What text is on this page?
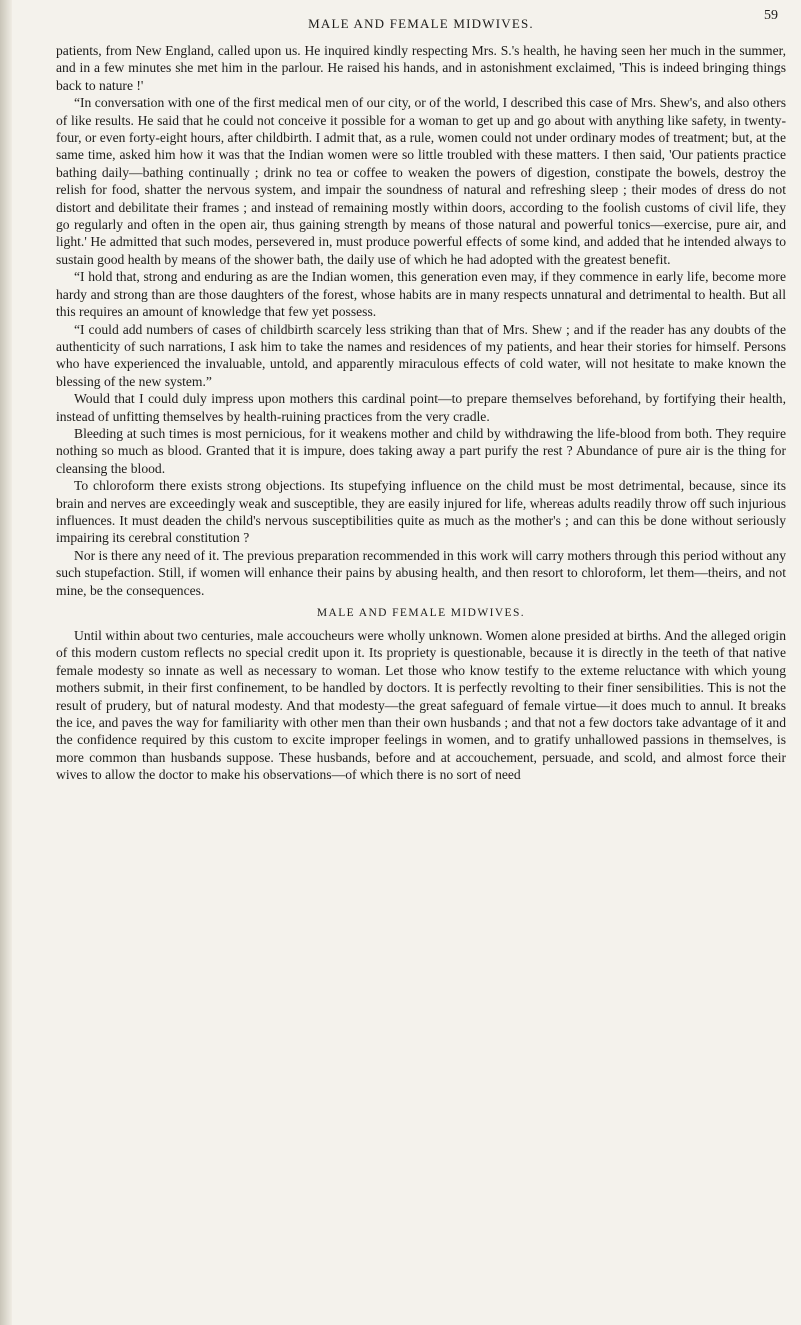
MALE AND FEMALE MIDWIVES.
59

patients, from New England, called upon us. He inquired kindly respecting Mrs. S.'s health, he having seen her much in the summer, and in a few minutes she met him in the parlour. He raised his hands, and in astonishment exclaimed, 'This is indeed bringing things back to nature !'

“In conversation with one of the first medical men of our city, or of the world, I described this case of Mrs. Shew's, and also others of like results. He said that he could not conceive it possible for a woman to get up and go about with anything like safety, in twenty-four, or even forty-eight hours, after childbirth. I admit that, as a rule, women could not under ordinary modes of treatment; but, at the same time, asked him how it was that the Indian women were so little troubled with these matters. I then said, 'Our patients practice bathing daily—bathing continually ; drink no tea or coffee to weaken the powers of digestion, constipate the bowels, destroy the relish for food, shatter the nervous system, and impair the soundness of natural and refreshing sleep ; their modes of dress do not distort and debilitate their frames ; and instead of remaining mostly within doors, according to the foolish customs of civil life, they go regularly and often in the open air, thus gaining strength by means of those natural and powerful tonics—exercise, pure air, and light.' He admitted that such modes, persevered in, must produce powerful effects of some kind, and added that he intended always to sustain good health by means of the shower bath, the daily use of which he had adopted with the greatest benefit.

“I hold that, strong and enduring as are the Indian women, this generation even may, if they commence in early life, become more hardy and strong than are those daughters of the forest, whose habits are in many respects unnatural and detrimental to health. But all this requires an amount of knowledge that few yet possess.

“I could add numbers of cases of childbirth scarcely less striking than that of Mrs. Shew ; and if the reader has any doubts of the authenticity of such narrations, I ask him to take the names and residences of my patients, and hear their stories for himself. Persons who have experienced the invaluable, untold, and apparently miraculous effects of cold water, will not hesitate to make known the blessing of the new system.”

Would that I could duly impress upon mothers this cardinal point—to prepare themselves beforehand, by fortifying their health, instead of unfitting themselves by health-ruining practices from the very cradle.

Bleeding at such times is most pernicious, for it weakens mother and child by withdrawing the life-blood from both. They require nothing so much as blood. Granted that it is impure, does taking away a part purify the rest ? Abundance of pure air is the thing for cleansing the blood.

To chloroform there exists strong objections. Its stupefying influence on the child must be most detrimental, because, since its brain and nerves are exceedingly weak and susceptible, they are easily injured for life, whereas adults readily throw off such injurious influences. It must deaden the child's nervous susceptibilities quite as much as the mother's ; and can this be done without seriously impairing its cerebral constitution ?

Nor is there any need of it. The previous preparation recommended in this work will carry mothers through this period without any such stupefaction. Still, if women will enhance their pains by abusing health, and then resort to chloroform, let them—theirs, and not mine, be the consequences.

MALE AND FEMALE MIDWIVES.

Until within about two centuries, male accoucheurs were wholly unknown. Women alone presided at births. And the alleged origin of this modern custom reflects no special credit upon it. Its propriety is questionable, because it is directly in the teeth of that native female modesty so innate as well as necessary to woman. Let those who know testify to the exteme reluctance with which young mothers submit, in their first confinement, to be handled by doctors. It is perfectly revolting to their finer sensibilities. This is not the result of prudery, but of natural modesty. And that modesty—the great safeguard of female virtue—it does much to annul. It breaks the ice, and paves the way for familiarity with other men than their own husbands ; and that not a few doctors take advantage of it and the confidence required by this custom to excite improper feelings in women, and to gratify unhallowed passions in themselves, is more common than husbands suppose. These husbands, before and at accouchement, persuade, and scold, and almost force their wives to allow the doctor to make his observations—of which there is no sort of need
